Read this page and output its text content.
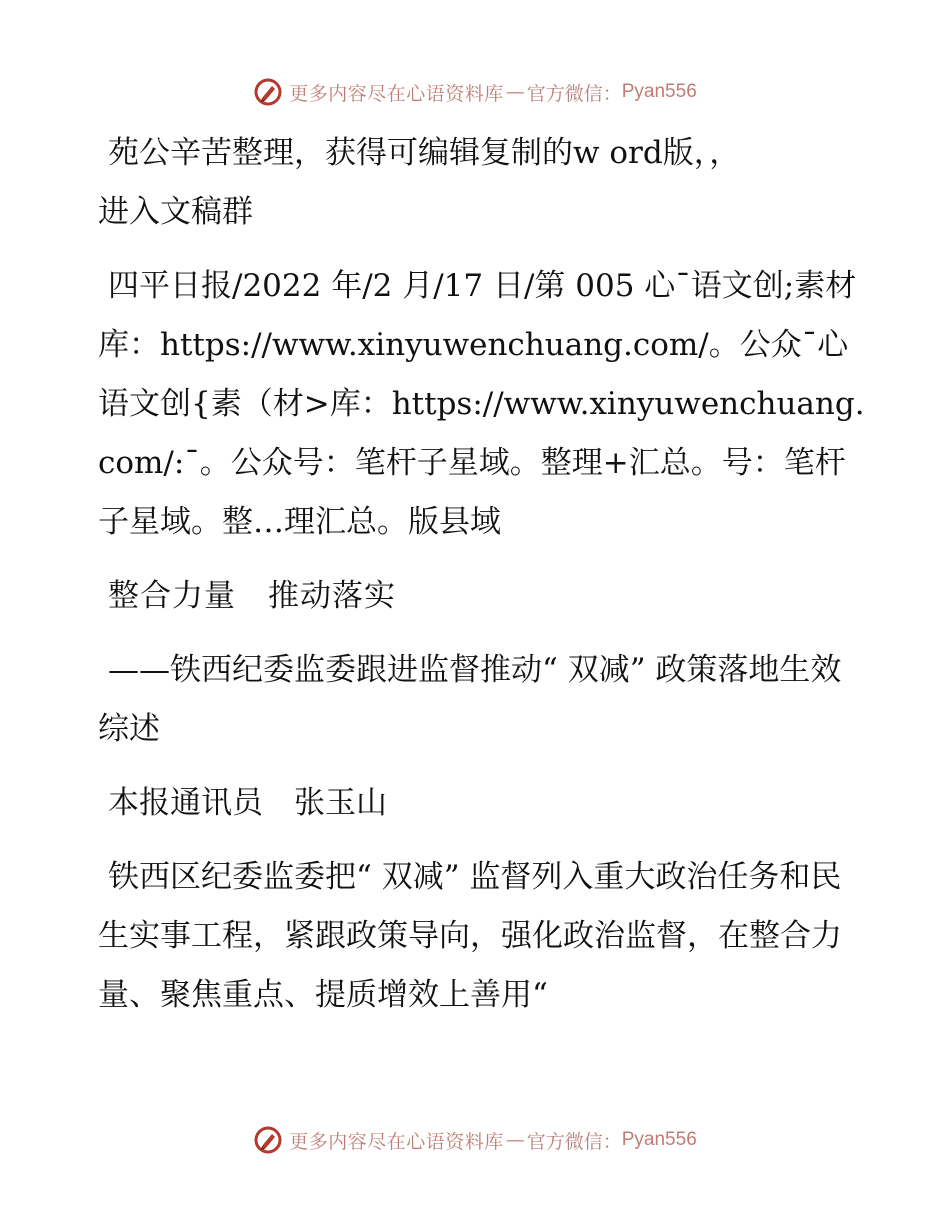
更多内容尽在心语资料库 — 官方微信： Pyan556

苑公辛苦整理，获得可编辑复制的w ord版，，
进入文稿群

四平日报/2022 年/2 月/17 日/第 005 心¯语文创;素材库：https://www.xinyuwenchuang.com/。公众¯心语文创{素（材>库：https://www.xinyuwenchuang.com/:¯。公众号：笔杆子星域。整理+汇总。号：笔杆子星域。整…理汇总。版县域

整合力量　推动落实

——铁西纪委监委跟进监督推动“ 双减” 政策落地生效综述

本报通讯员　张玉山

铁西区纪委监委把“ 双减” 监督列入重大政治任务和民生实事工程，紧跟政策导向，强化政治监督，在整合力量、聚焦重点、提质增效上善用“

更多内容尽在心语资料库 — 官方微信： Pyan556
